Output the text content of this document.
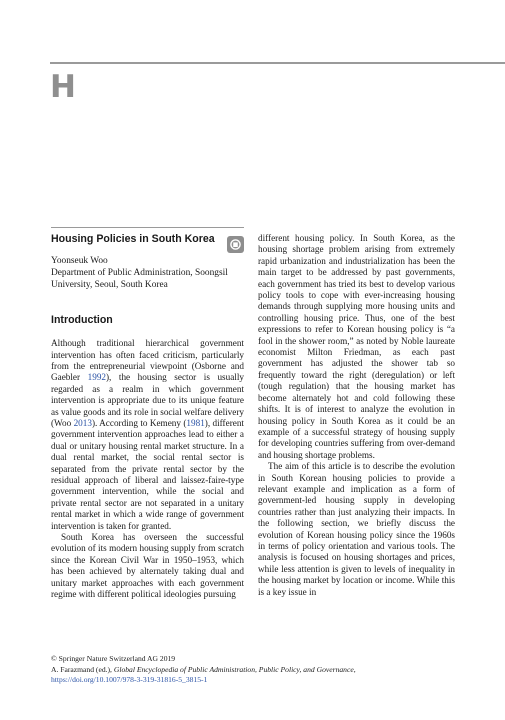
H
Housing Policies in South Korea
Yoonseuk Woo
Department of Public Administration, Soongsil University, Seoul, South Korea
Introduction

Although traditional hierarchical government intervention has often faced criticism, particularly from the entrepreneurial viewpoint (Osborne and Gaebler 1992), the housing sector is usually regarded as a realm in which government intervention is appropriate due to its unique feature as value goods and its role in social welfare delivery (Woo 2013). According to Kemeny (1981), different government intervention approaches lead to either a dual or unitary housing rental market structure. In a dual rental market, the social rental sector is separated from the private rental sector by the residual approach of liberal and laissez-faire-type government intervention, while the social and private rental sector are not separated in a unitary rental market in which a wide range of government intervention is taken for granted.

South Korea has overseen the successful evolution of its modern housing supply from scratch since the Korean Civil War in 1950–1953, which has been achieved by alternately taking dual and unitary market approaches with each government regime with different political ideologies pursuing

different housing policy. In South Korea, as the housing shortage problem arising from extremely rapid urbanization and industrialization has been the main target to be addressed by past governments, each government has tried its best to develop various policy tools to cope with ever-increasing housing demands through supplying more housing units and controlling housing price. Thus, one of the best expressions to refer to Korean housing policy is “a fool in the shower room,” as noted by Noble laureate economist Milton Friedman, as each past government has adjusted the shower tab so frequently toward the right (deregulation) or left (tough regulation) that the housing market has become alternately hot and cold following these shifts. It is of interest to analyze the evolution in housing policy in South Korea as it could be an example of a successful strategy of housing supply for developing countries suffering from over-demand and housing shortage problems.

The aim of this article is to describe the evolution in South Korean housing policies to provide a relevant example and implication as a form of government-led housing supply in developing countries rather than just analyzing their impacts. In the following section, we briefly discuss the evolution of Korean housing policy since the 1960s in terms of policy orientation and various tools. The analysis is focused on housing shortages and prices, while less attention is given to levels of inequality in the housing market by location or income. While this is a key issue in

© Springer Nature Switzerland AG 2019
A. Farazmand (ed.), Global Encyclopedia of Public Administration, Public Policy, and Governance,
https://doi.org/10.1007/978-3-319-31816-5_3815-1
